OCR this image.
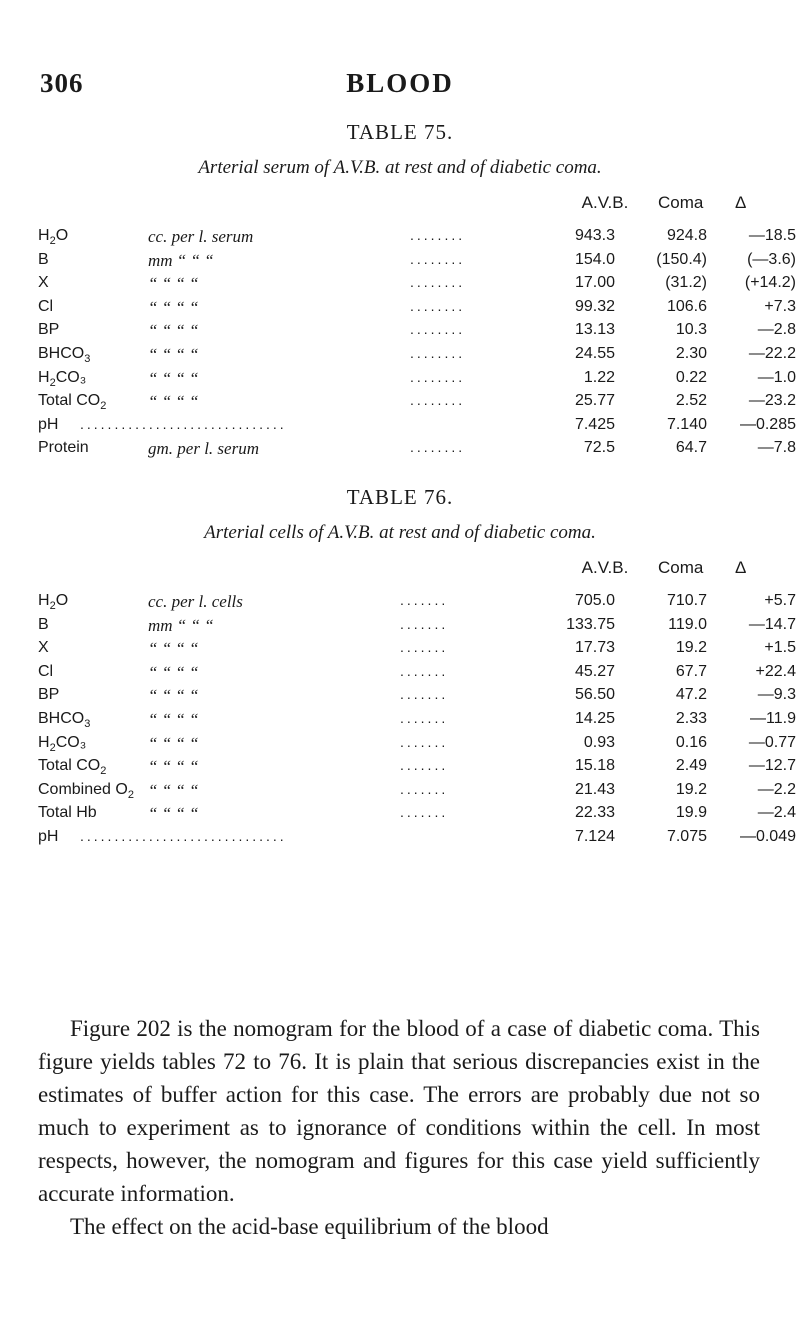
306	BLOOD
TABLE 75.
Arterial serum of A.V.B. at rest and of diabetic coma.
A.V.B. Coma Δ
$H_2O$	cc. per l. serum	........	943.3	924.8	—18.5
B	mm “ “ “	........	154.0	(150.4)	(—3.6)
X	“ “ “ “	........	17.00	(31.2)	(+14.2)
Cl	“ “ “ “	........	99.32	106.6	+7.3
BP	“ “ “ “	........	13.13	10.3	—2.8
$BHCO_3$	“ “ “ “	........	24.55	2.30	—22.2
$H_2CO_3$	“ “ “ “	........	1.22	0.22	—1.0
Total $CO_2$ “ “ “ “	........	25.77	2.52	—23.2
pH ..............................	7.425	7.140	—0.285
Protein	gm. per l. serum	........	72.5	64.7	—7.8
TABLE 76.
Arterial cells of A.V.B. at rest and of diabetic coma.
A.V.B. Coma Δ
$H_2O$	cc. per l. cells	.......	705.0	710.7	+5.7
B	mm “ “ “	.......	133.75	119.0	—14.7
X	“ “ “ “	.......	17.73	19.2	+1.5
Cl	“ “ “ “	.......	45.27	67.7	+22.4
BP	“ “ “ “	.......	56.50	47.2	—9.3
$BHCO_3$	“ “ “ “	.......	14.25	2.33	—11.9
$H_2CO_3$	“ “ “ “	.......	0.93	0.16	—0.77
Total $CO_2$ “ “ “ “	.......	15.18	2.49	—12.7
Combined $O_2$ “ “ “ “	.......	21.43	19.2	—2.2
Total Hb	“ “ “ “	.......	22.33	19.9	—2.4
pH ..............................	7.124	7.075	—0.049

Figure 202 is the nomogram for the blood of a case of diabetic coma. This figure yields tables 72 to 76. It is plain that serious discrepancies exist in the estimates of buffer action for this case. The errors are probably due not so much to experiment as to ignorance of conditions within the cell. In most respects, however, the nomogram and figures for this case yield sufficiently accurate information.

The effect on the acid-base equilibrium of the blood
